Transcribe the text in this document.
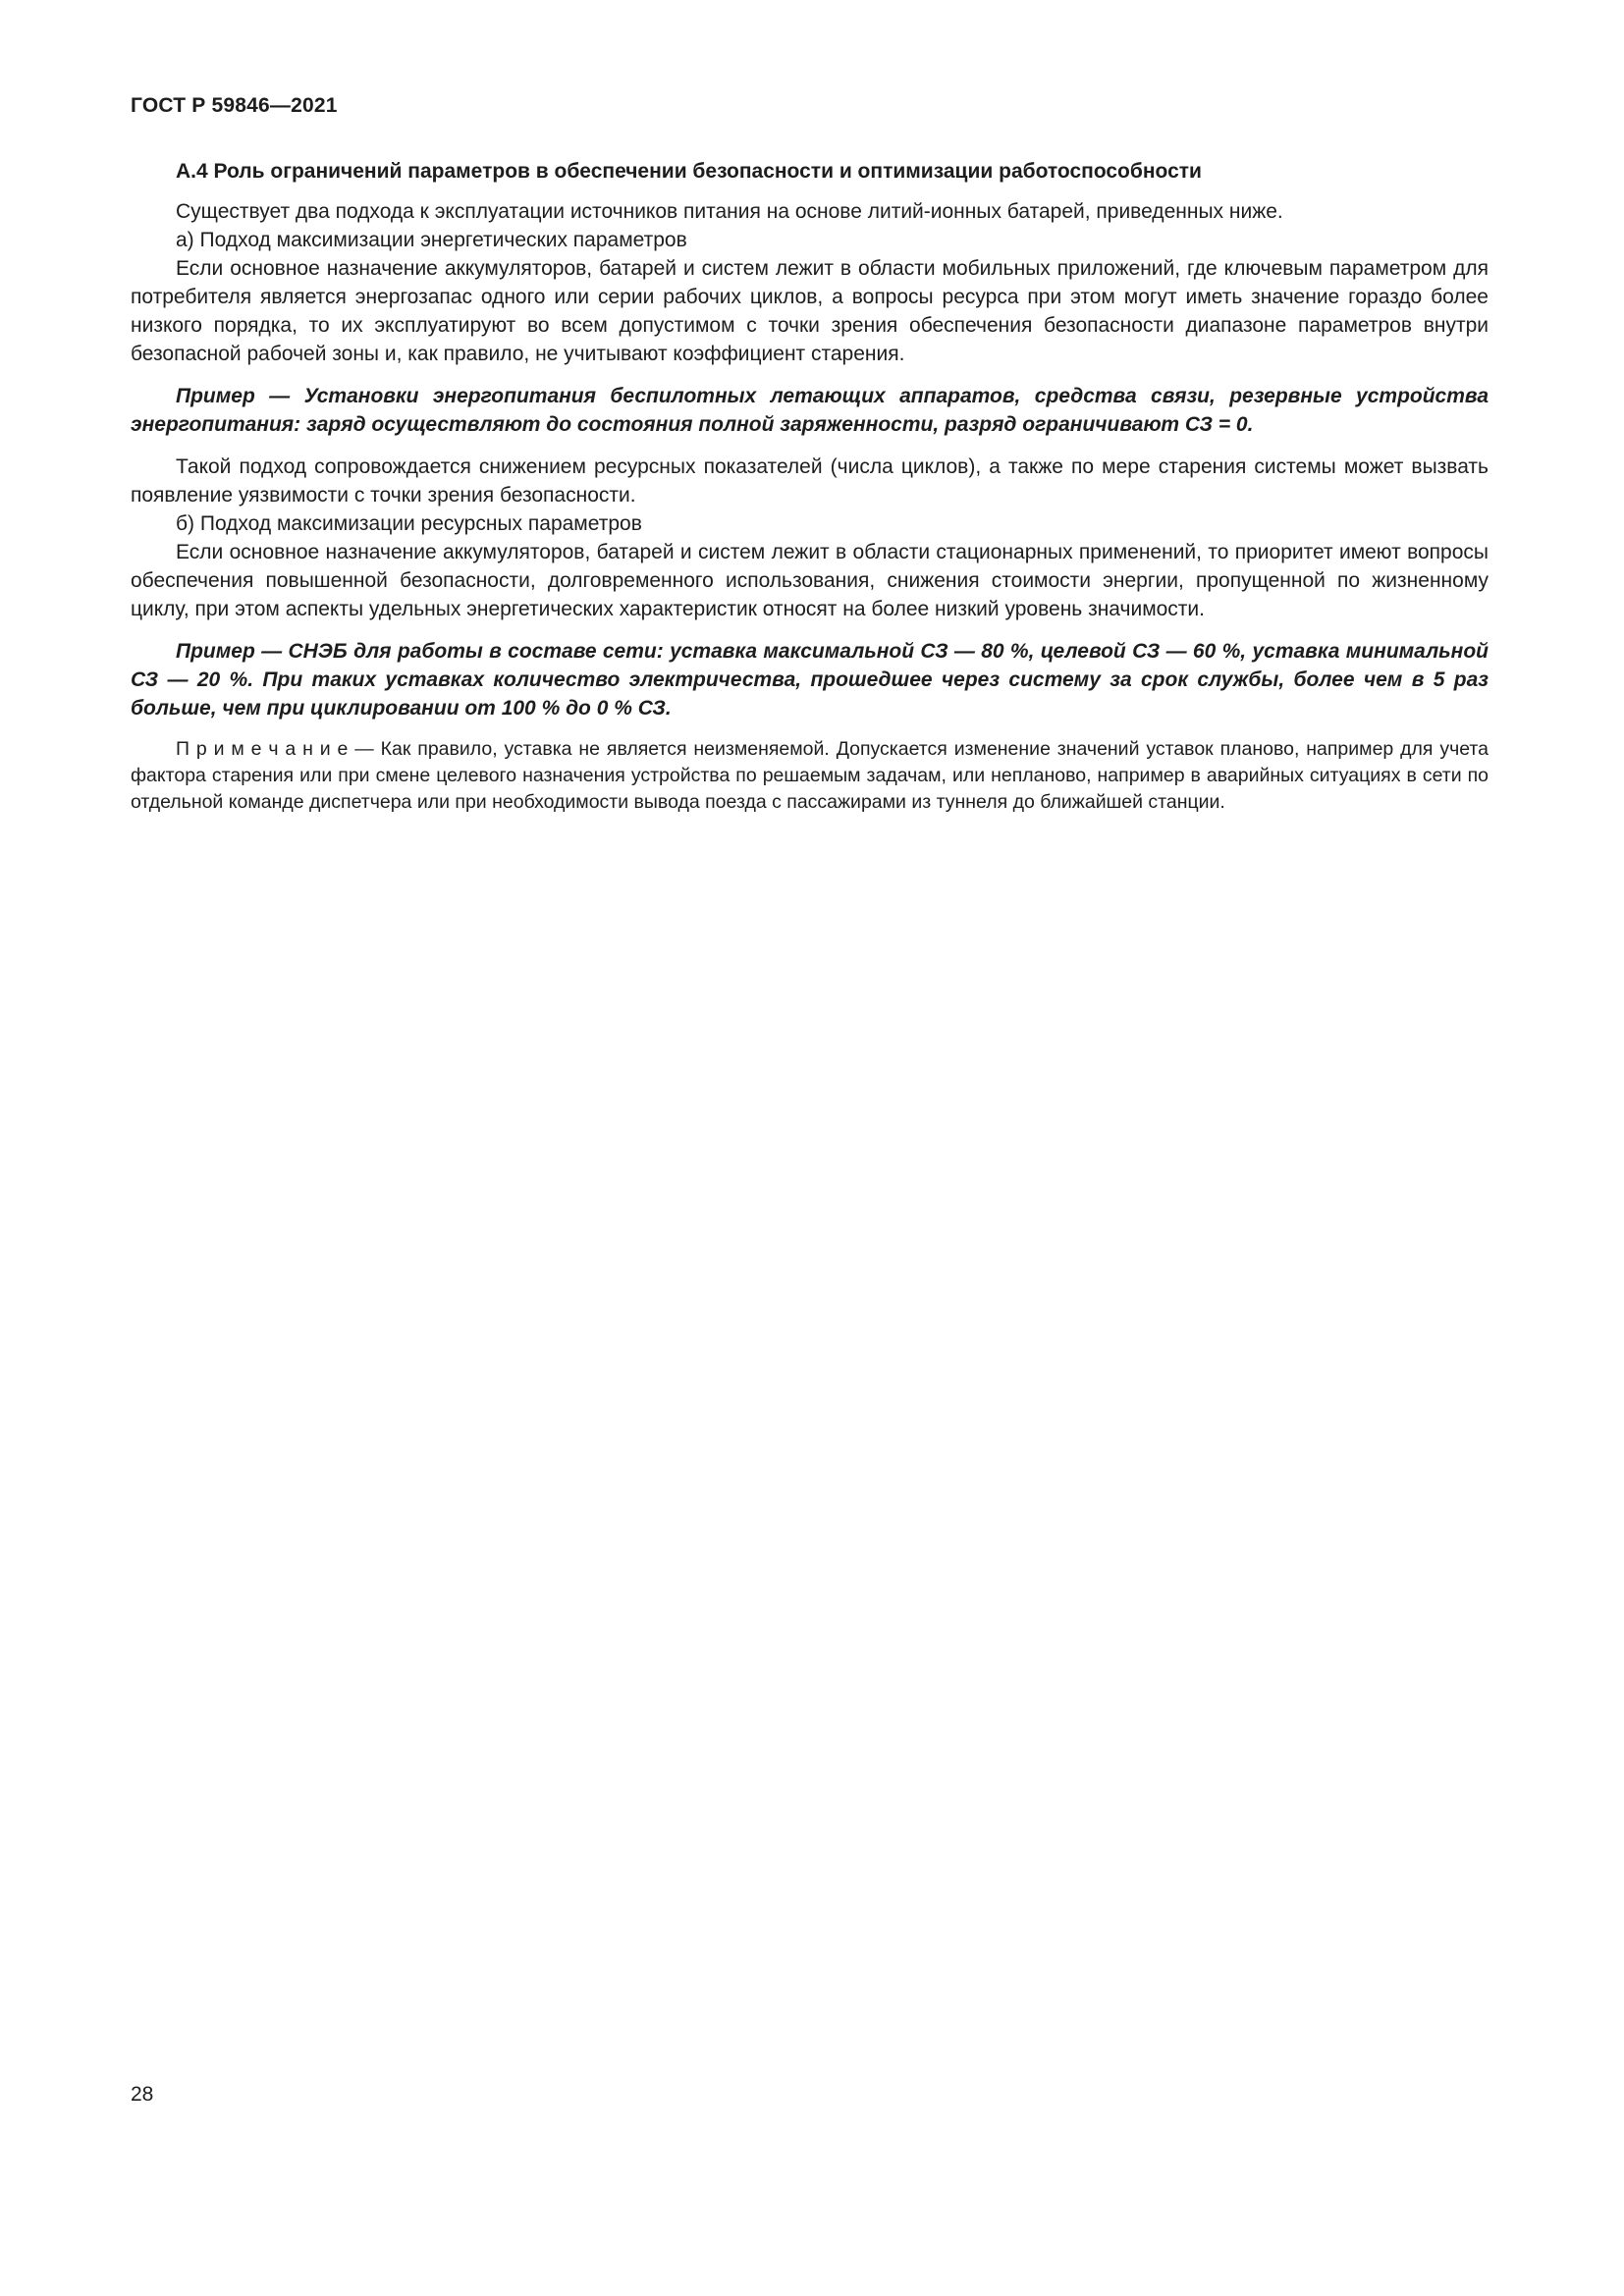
ГОСТ Р 59846—2021
А.4 Роль ограничений параметров в обеспечении безопасности и оптимизации работоспособности

Существует два подхода к эксплуатации источников питания на основе литий-ионных батарей, приведенных ниже.

а) Подход максимизации энергетических параметров

Если основное назначение аккумуляторов, батарей и систем лежит в области мобильных приложений, где ключевым параметром для потребителя является энергозапас одного или серии рабочих циклов, а вопросы ресурса при этом могут иметь значение гораздо более низкого порядка, то их эксплуатируют во всем допустимом с точки зрения обеспечения безопасности диапазоне параметров внутри безопасной рабочей зоны и, как правило, не учитывают коэффициент старения.

Пример — Установки энергопитания беспилотных летающих аппаратов, средства связи, резервные устройства энергопитания: заряд осуществляют до состояния полной заряженности, разряд ограничивают СЗ = 0.

Такой подход сопровождается снижением ресурсных показателей (числа циклов), а также по мере старения системы может вызвать появление уязвимости с точки зрения безопасности.

б) Подход максимизации ресурсных параметров

Если основное назначение аккумуляторов, батарей и систем лежит в области стационарных применений, то приоритет имеют вопросы обеспечения повышенной безопасности, долговременного использования, снижения стоимости энергии, пропущенной по жизненному циклу, при этом аспекты удельных энергетических характеристик относят на более низкий уровень значимости.

Пример — СНЭБ для работы в составе сети: уставка максимальной СЗ — 80 %, целевой СЗ — 60 %, уставка минимальной СЗ — 20 %. При таких уставках количество электричества, прошедшее через систему за срок службы, более чем в 5 раз больше, чем при циклировании от 100 % до 0 % СЗ.

П р и м е ч а н и е — Как правило, уставка не является неизменяемой. Допускается изменение значений уставок планово, например для учета фактора старения или при смене целевого назначения устройства по решаемым задачам, или непланово, например в аварийных ситуациях в сети по отдельной команде диспетчера или при необходимости вывода поезда с пассажирами из туннеля до ближайшей станции.

28
